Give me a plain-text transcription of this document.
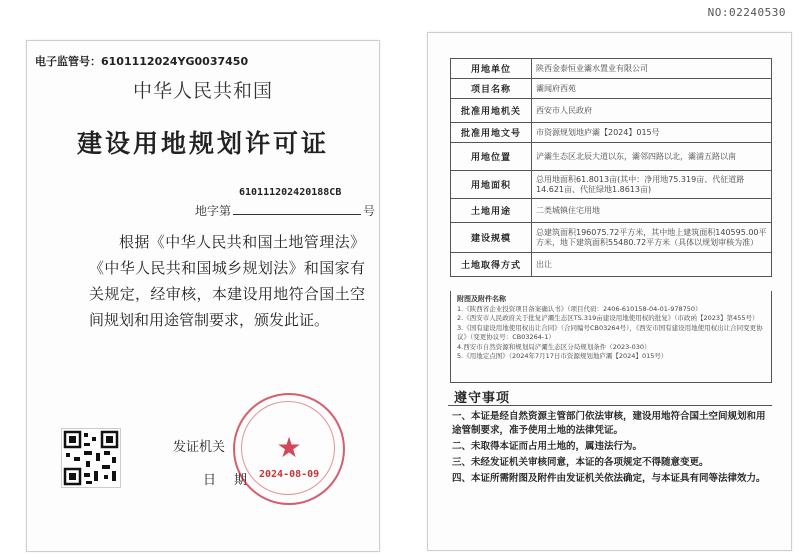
NO:02240530
电子监管号：6101112024YG0037450
中华人民共和国
建设用地规划许可证
610111202420188CB
地字第	号
根据《中华人民共和国土地管理法》《中华人民共和国城乡规划法》和国家有关规定，经审核，本建设用地符合国土空间规划和用途管制要求，颁发此证。
发证机关
日期
★
2024-08-09
用地单位	陕西金泰恒业灞水置业有限公司
项目名称	灞闻府西苑
批准用地机关	西安市人民政府
批准用地文号	市资源规划地庐灞【2024】015号
用地位置	浐灞生态区北辰大道以东，灞邻四路以北，灞浦五路以南
用地面积	总用地面积61.8013亩(其中：净用地75.319亩、代征道路14.621亩、代征绿地1.8613亩)
土地用途	二类城镇住宅用地
建设规模	总建筑面积196075.72平方米，其中地上建筑面积140595.00平方米，地下建筑面积55480.72平方米（具体以规划审核为准）
土地取得方式	出让
附图及附件名称
1.《陕西省企业投资项目备案确认书》（项目代码：2406-610158-04-01-978750）
2.《西安市人民政府关于批复浐灞生态区TS.319亩建设用地使用权的批复》（市政函【2023】第455号）
3.《国有建设用地使用权出让合同》（合同编号CB03264号），《西安市国有建设用地使用权出让合同变更协议》（变更协议号：CB03264-1）
4.西安市自然资源和规划局浐灞生态区分局规划条件（2023-030）
5.《用地定点图》（2024年7月17日市资源规划地庐灞【2024】015号）
遵守事项
一、本证是经自然资源主管部门依法审核，建设用地符合国土空间规划和用途管制要求，准予使用土地的法律凭证。
二、未取得本证而占用土地的，属违法行为。
三、未经发证机关审核同意，本证的各项规定不得随意变更。
四、本证所需附图及附件由发证机关依法确定，与本证具有同等法律效力。
